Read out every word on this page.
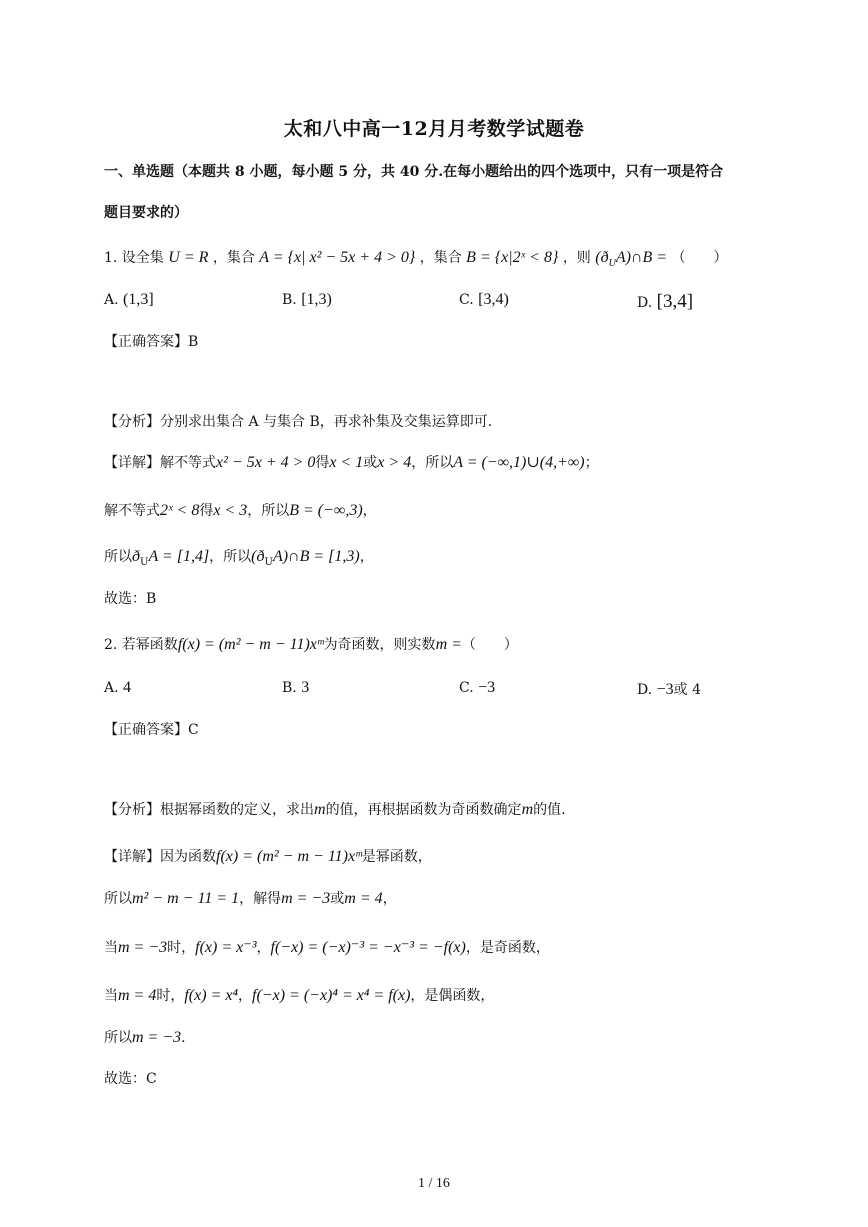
太和八中高一12月月考数学试题卷
一、单选题（本题共 8 小题，每小题 5 分，共 40 分.在每小题给出的四个选项中，只有一项是符合
题目要求的）
1. 设全集 U = R ，集合 A = {x| x² − 5x + 4 > 0} ，集合 B = {x|2ˣ < 8} ，则 $(ð_UA)\cap B$ = （　　）
A. (1,3]	B. [1,3)	C. [3,4)	D. [3,4]
【正确答案】B
【分析】分别求出集合 A 与集合 B，再求补集及交集运算即可.
【详解】解不等式x² − 5x + 4 > 0得x < 1或x > 4，所以A = (−∞,1)∪(4,+∞)；
解不等式2ˣ < 8得x < 3，所以B = (−∞,3)，
所以$ð_UA = [1,4]$，所以$(ð_UA)\cap B = [1,3)$，
故选：B
2. 若幂函数f(x) = (m² − m − 11)xᵐ为奇函数，则实数m =（　　）
A. 4	B. 3	C. −3	D. −3或 4
【正确答案】C
【分析】根据幂函数的定义，求出m的值，再根据函数为奇函数确定m的值.
【详解】因为函数f(x) = (m² − m − 11)xᵐ是幂函数，
所以m² − m − 11 = 1，解得m = −3或m = 4，
当m = −3时，f(x) = x⁻³，f(−x) = (−x)⁻³ = −x⁻³ = −f(x)，是奇函数，
当m = 4时，f(x) = x⁴，f(−x) = (−x)⁴ = x⁴ = f(x)，是偶函数，
所以m = −3.
故选：C
1 / 16
